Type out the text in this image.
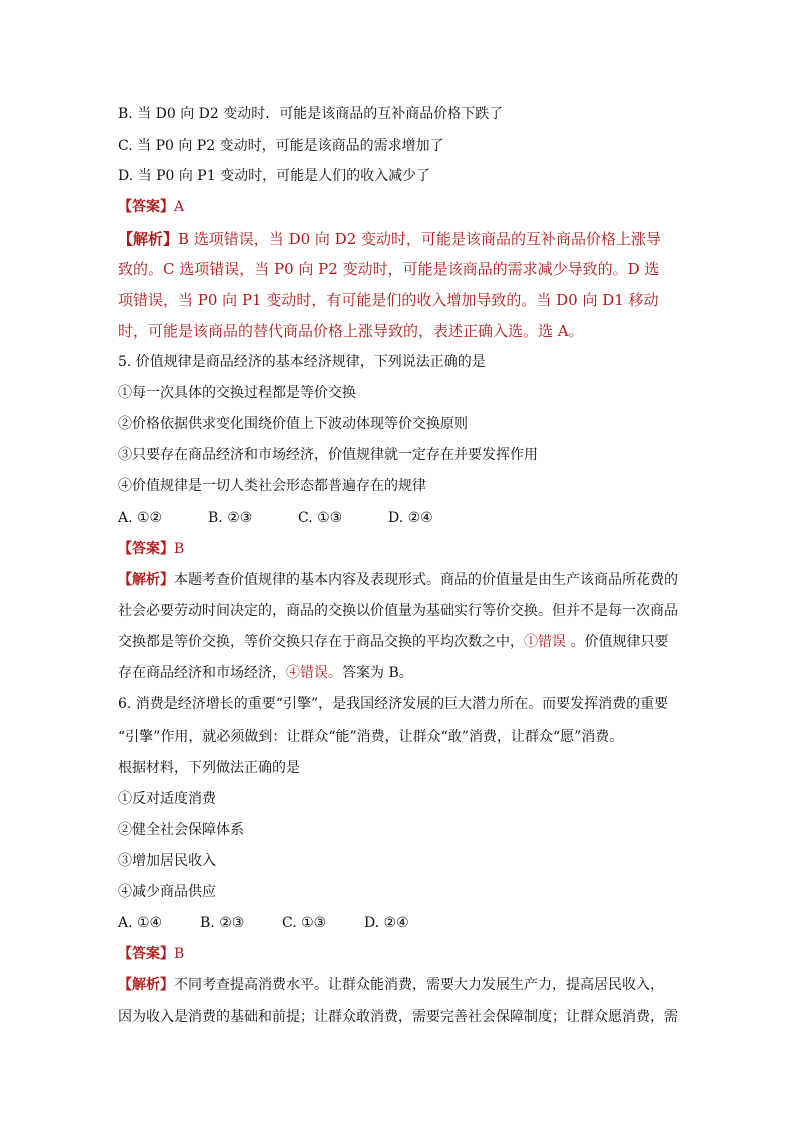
B. 当 D0 向 D2 变动时．可能是该商品的互补商品价格下跌了
C. 当 P0 向 P2 变动时，可能是该商品的需求增加了
D. 当 P0 向 P1 变动时，可能是人们的收入减少了
【答案】A
【解析】B 选项错误，当 D0 向 D2 变动时，可能是该商品的互补商品价格上涨导
致的。C 选项错误，当 P0 向 P2 变动时，可能是该商品的需求减少导致的。D 选
项错误，当 P0 向 P1 变动时，有可能是们的收入增加导致的。当 D0 向 D1 移动
时，可能是该商品的替代商品价格上涨导致的，表述正确入选。选 A。
5. 价值规律是商品经济的基本经济规律，下列说法正确的是
①每一次具体的交换过程都是等价交换
②价格依据供求变化围绕价值上下波动体现等价交换原则
③只要存在商品经济和市场经济，价值规律就一定存在并要发挥作用
④价值规律是一切人类社会形态都普遍存在的规律
A. ①②	B. ②③	C. ①③	D. ②④
【答案】B
【解析】本题考查价值规律的基本内容及表现形式。商品的价值量是由生产该商品所花费的
社会必要劳动时间决定的，商品的交换以价值量为基础实行等价交换。但并不是每一次商品
交换都是等价交换，等价交换只存在于商品交换的平均次数之中，①错误 。价值规律只要
存在商品经济和市场经济，④错误。答案为 B。
6. 消费是经济增长的重要“引擎”，是我国经济发展的巨大潜力所在。而要发挥消费的重要
“引擎”作用，就必须做到：让群众“能”消费，让群众“敢”消费，让群众“愿”消费。
根据材料，下列做法正确的是
①反对适度消费
②健全社会保障体系
③增加居民收入
④减少商品供应
A. ①④	B. ②③	C. ①③	D. ②④
【答案】B
【解析】不同考查提高消费水平。让群众能消费，需要大力发展生产力，提高居民收入，
因为收入是消费的基础和前提；让群众敢消费，需要完善社会保障制度；让群众愿消费，需
